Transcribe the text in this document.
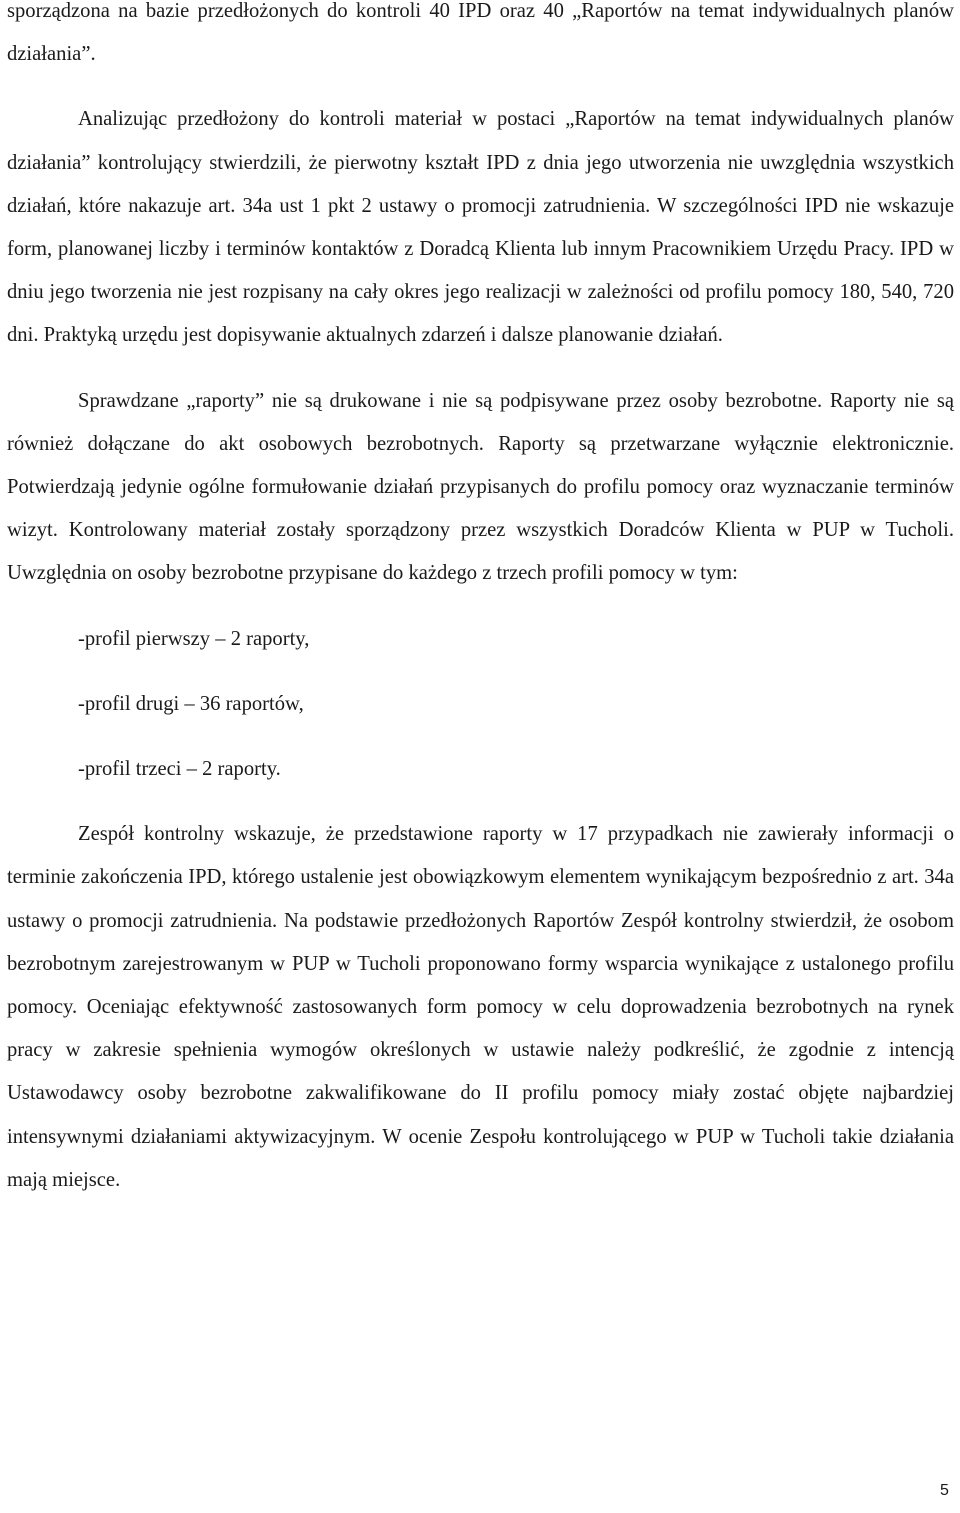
sporządzona na bazie przedłożonych do kontroli 40 IPD oraz 40 „Raportów na temat indywidualnych planów działania”.

Analizując przedłożony do kontroli materiał w postaci „Raportów na temat indywidualnych planów działania” kontrolujący stwierdzili, że pierwotny kształt IPD z dnia jego utworzenia nie uwzględnia wszystkich działań, które nakazuje art. 34a ust 1 pkt 2 ustawy o promocji zatrudnienia. W szczególności IPD nie wskazuje form, planowanej liczby i terminów kontaktów z Doradcą Klienta lub innym Pracownikiem Urzędu Pracy. IPD w dniu jego tworzenia nie jest rozpisany na cały okres jego realizacji w zależności od profilu pomocy 180, 540, 720 dni. Praktyką urzędu jest dopisywanie aktualnych zdarzeń i dalsze planowanie działań.

Sprawdzane „raporty” nie są drukowane i nie są podpisywane przez osoby bezrobotne. Raporty nie są również dołączane do akt osobowych bezrobotnych. Raporty są przetwarzane wyłącznie elektronicznie. Potwierdzają jedynie ogólne formułowanie działań przypisanych do profilu pomocy oraz wyznaczanie terminów wizyt. Kontrolowany materiał zostały sporządzony przez wszystkich Doradców Klienta w PUP w Tucholi. Uwzględnia on osoby bezrobotne przypisane do każdego z trzech profili pomocy w tym:

-profil pierwszy – 2 raporty,
-profil drugi – 36 raportów,
-profil trzeci – 2 raporty.

Zespół kontrolny wskazuje, że przedstawione raporty w 17 przypadkach nie zawierały informacji o terminie zakończenia IPD, którego ustalenie jest obowiązkowym elementem wynikającym bezpośrednio z art. 34a ustawy o promocji zatrudnienia. Na podstawie przedłożonych Raportów Zespół kontrolny stwierdził, że osobom bezrobotnym zarejestrowanym w PUP w Tucholi proponowano formy wsparcia wynikające z ustalonego profilu pomocy. Oceniając efektywność zastosowanych form pomocy w celu doprowadzenia bezrobotnych na rynek pracy w zakresie spełnienia wymogów określonych w ustawie należy podkreślić, że zgodnie z intencją Ustawodawcy osoby bezrobotne zakwalifikowane do II profilu pomocy miały zostać objęte najbardziej intensywnymi działaniami aktywizacyjnym. W ocenie Zespołu kontrolującego w PUP w Tucholi takie działania mają miejsce.

5
